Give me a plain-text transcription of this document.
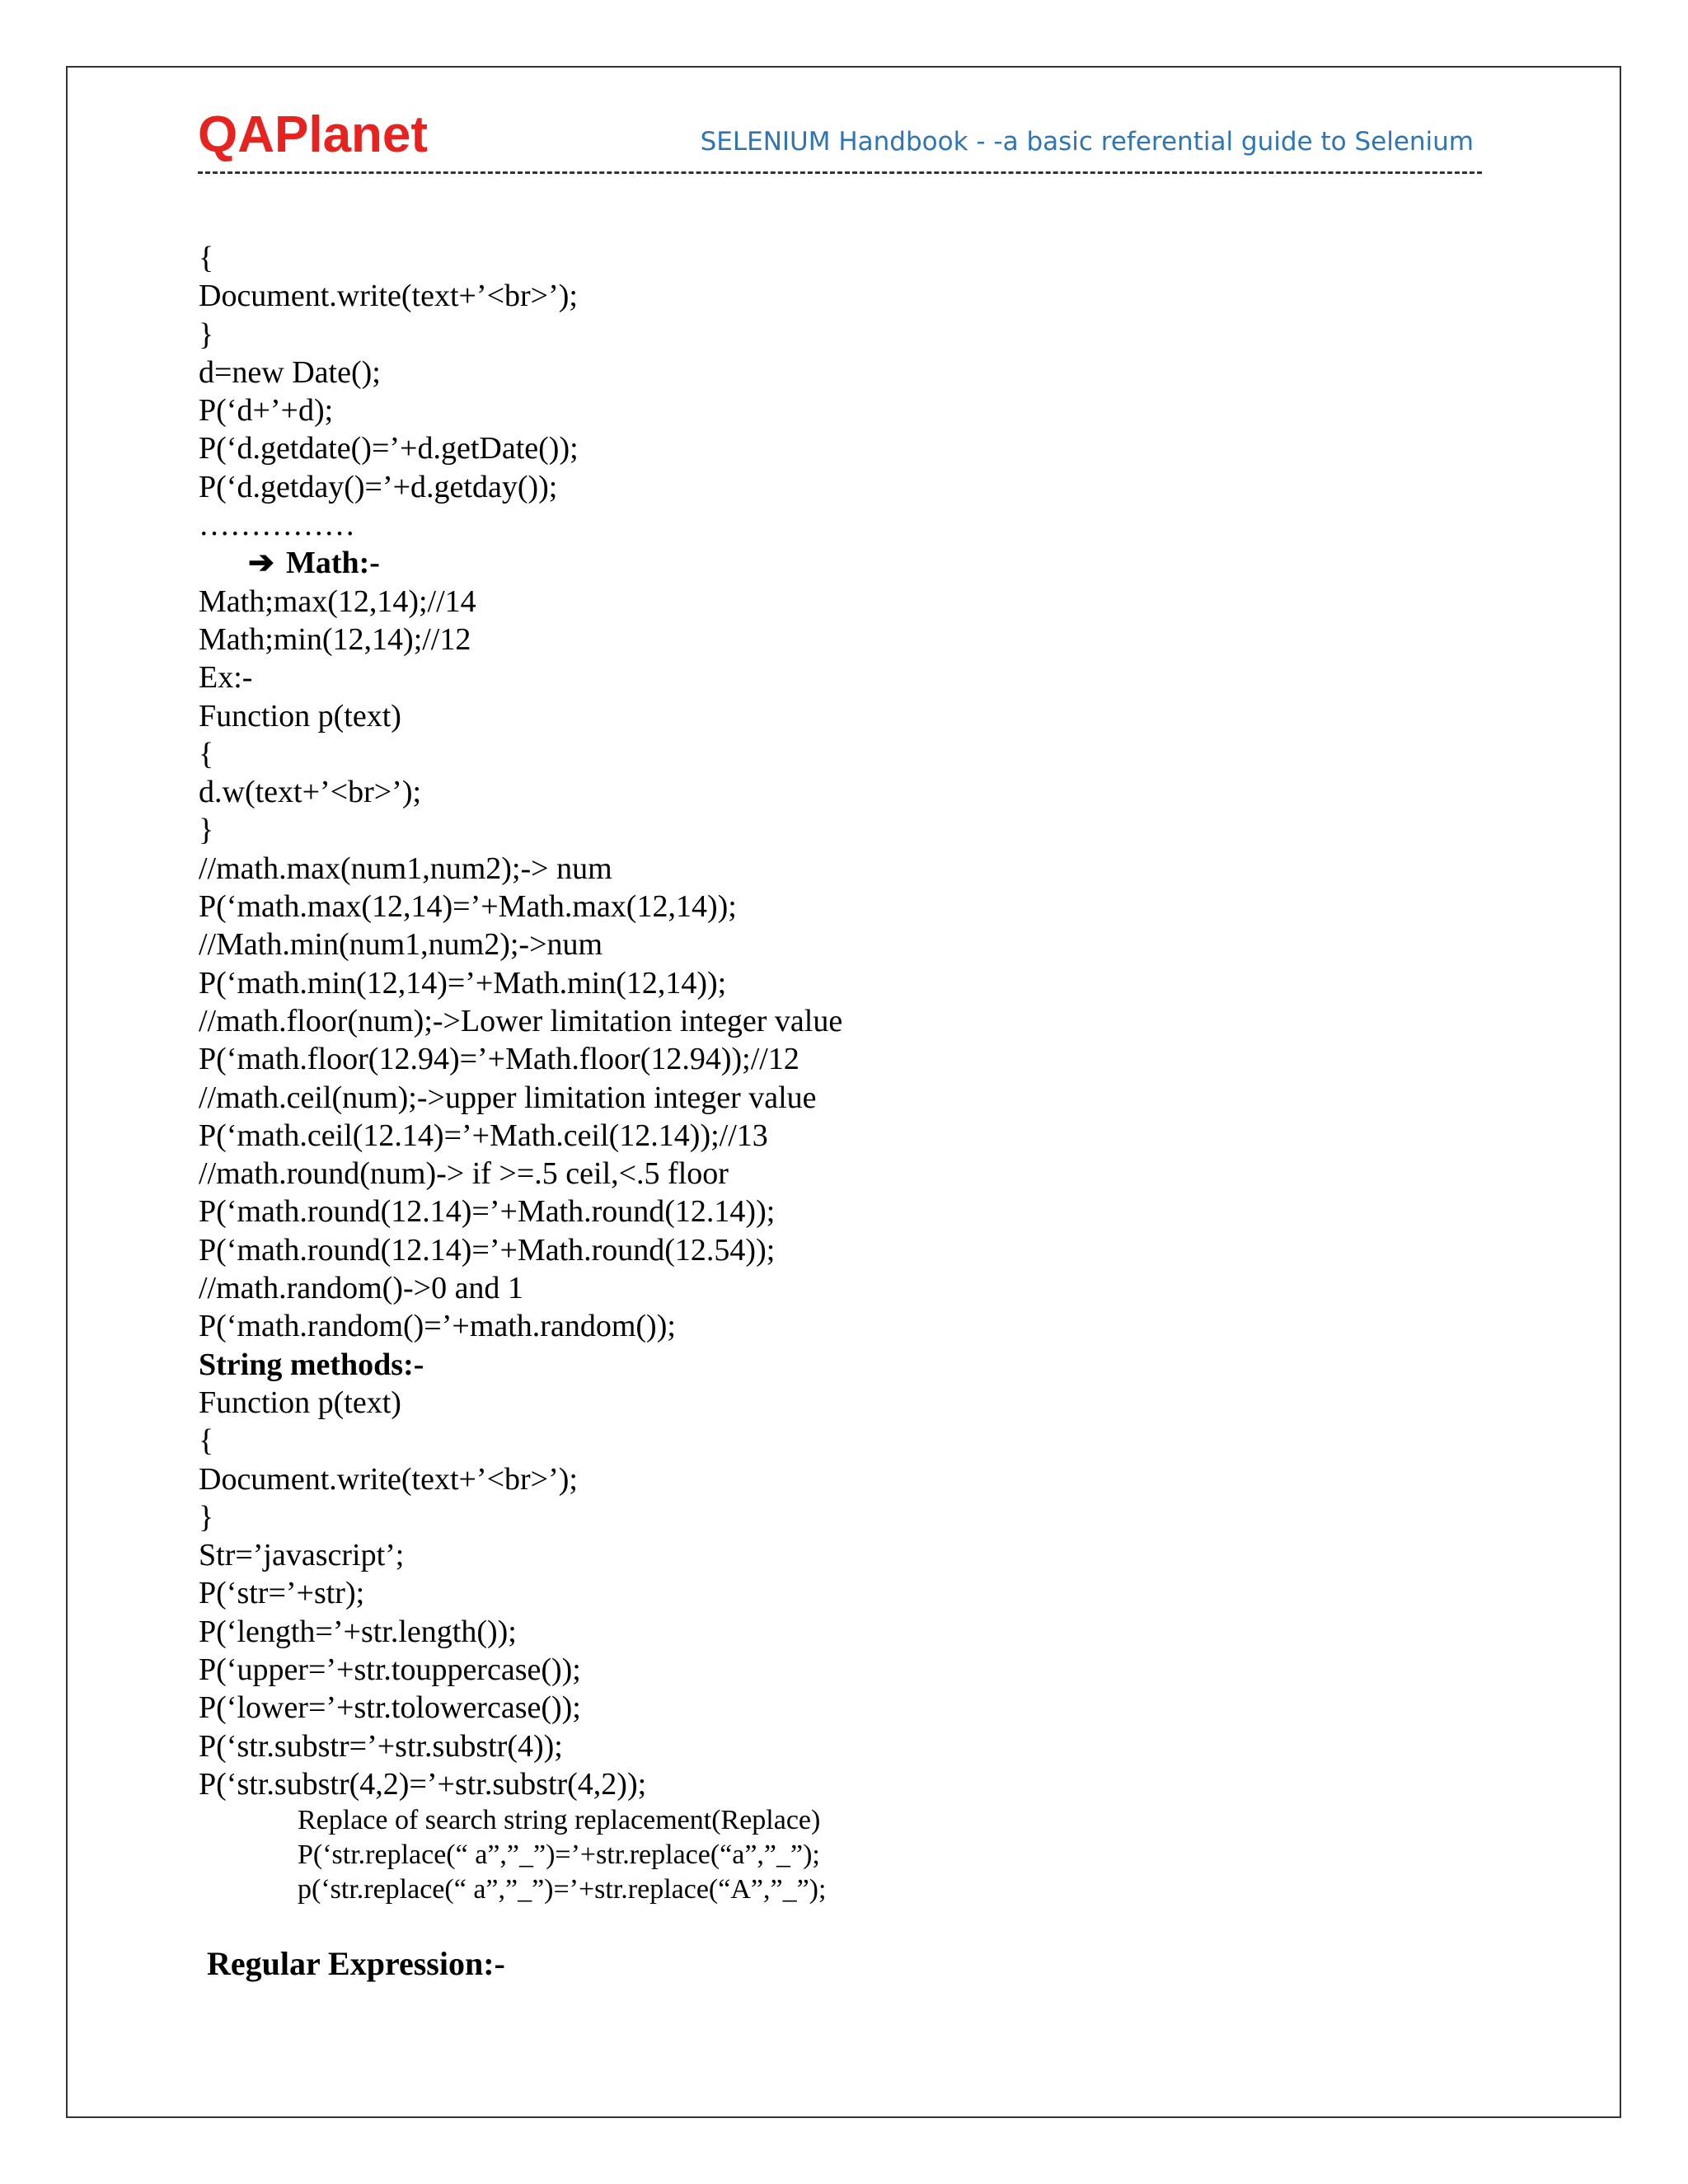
QAPlanet	SELENIUM Handbook - -a basic referential guide to Selenium
{
Document.write(text+’<br>’);
}
d=new Date();
P(‘d+’+d);
P(‘d.getdate()=’+d.getDate());
P(‘d.getday()=’+d.getday());
……………
➔ Math:-
Math;max(12,14);//14
Math;min(12,14);//12
Ex:-
Function p(text)
{
d.w(text+’<br>’);
}
//math.max(num1,num2);-> num
P(‘math.max(12,14)=’+Math.max(12,14));
//Math.min(num1,num2);->num
P(‘math.min(12,14)=’+Math.min(12,14));
//math.floor(num);->Lower limitation integer value
P(‘math.floor(12.94)=’+Math.floor(12.94));//12
//math.ceil(num);->upper limitation integer value
P(‘math.ceil(12.14)=’+Math.ceil(12.14));//13
//math.round(num)-> if >=.5 ceil,<.5 floor
P(‘math.round(12.14)=’+Math.round(12.14));
P(‘math.round(12.14)=’+Math.round(12.54));
//math.random()->0 and 1
P(‘math.random()=’+math.random());
String methods:-
Function p(text)
{
Document.write(text+’<br>’);
}
Str=’javascript’;
P(‘str=’+str);
P(‘length=’+str.length());
P(‘upper=’+str.touppercase());
P(‘lower=’+str.tolowercase());
P(‘str.substr=’+str.substr(4));
P(‘str.substr(4,2)=’+str.substr(4,2));
Replace of search string replacement(Replace)
P(‘str.replace(“ a”,”_”)=’+str.replace(“a”,”_”);
p(‘str.replace(“ a”,”_”)=’+str.replace(“A”,”_”);
Regular Expression:-
